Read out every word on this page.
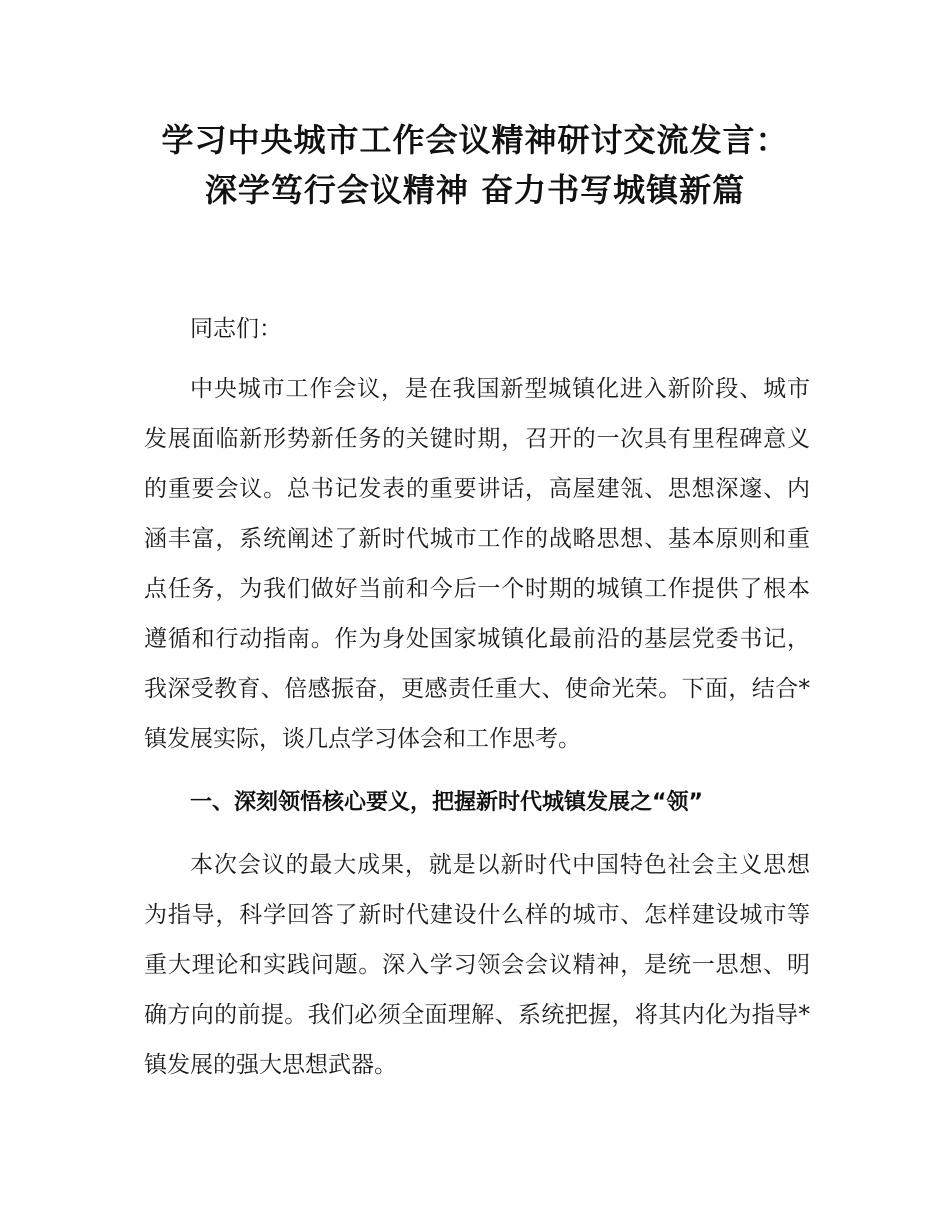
学习中央城市工作会议精神研讨交流发言：
深学笃行会议精神 奋力书写城镇新篇
同志们：
中央城市工作会议，是在我国新型城镇化进入新阶段、城市发展面临新形势新任务的关键时期，召开的一次具有里程碑意义的重要会议。总书记发表的重要讲话，高屋建瓴、思想深邃、内涵丰富，系统阐述了新时代城市工作的战略思想、基本原则和重点任务，为我们做好当前和今后一个时期的城镇工作提供了根本遵循和行动指南。作为身处国家城镇化最前沿的基层党委书记，我深受教育、倍感振奋，更感责任重大、使命光荣。下面，结合*镇发展实际，谈几点学习体会和工作思考。
一、深刻领悟核心要义，把握新时代城镇发展之“领”
本次会议的最大成果，就是以新时代中国特色社会主义思想为指导，科学回答了新时代建设什么样的城市、怎样建设城市等重大理论和实践问题。深入学习领会会议精神，是统一思想、明确方向的前提。我们必须全面理解、系统把握，将其内化为指导*镇发展的强大思想武器。
